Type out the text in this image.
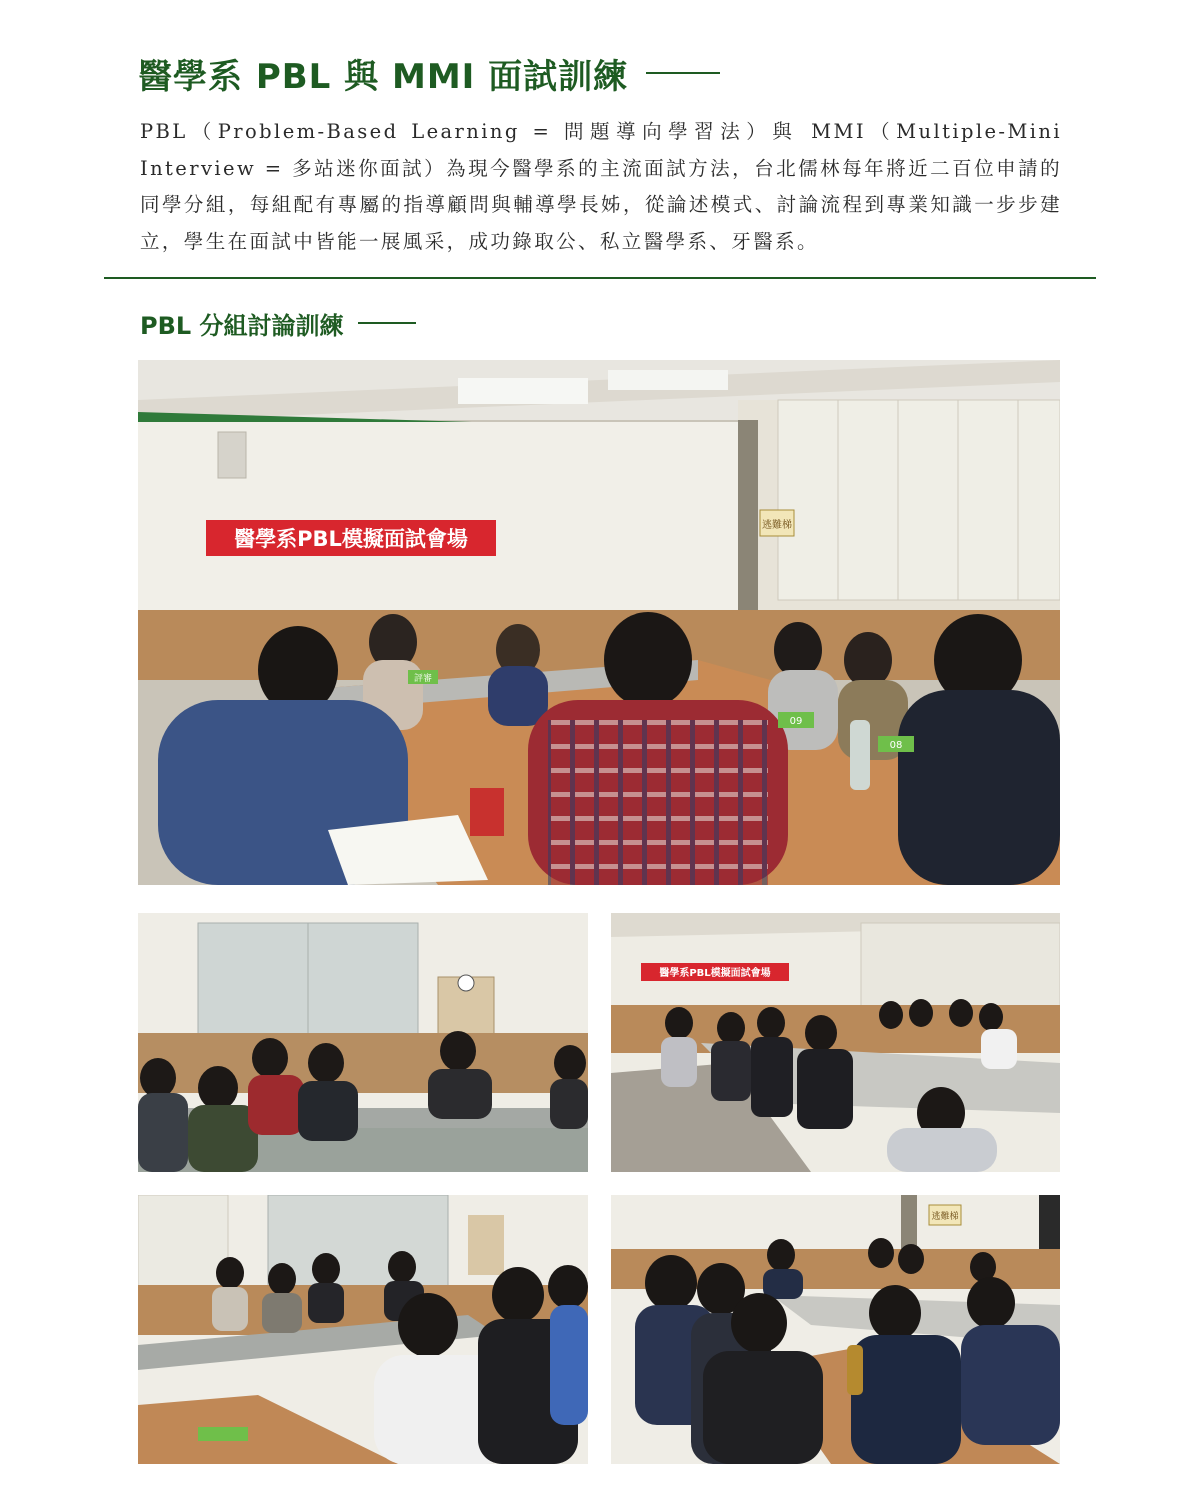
醫學系 PBL 與 MMI 面試訓練

PBL（Problem-Based Learning = 問題導向學習法）與 MMI（Multiple-Mini Interview = 多站迷你面試）為現今醫學系的主流面試方法，台北儒林每年將近二百位申請的同學分組，每組配有專屬的指導顧問與輔導學長姊，從論述模式、討論流程到專業知識一步步建立，學生在面試中皆能一展風采，成功錄取公、私立醫學系、牙醫系。

PBL 分組討論訓練
醫學系PBL模擬面試會場
逃難梯
評審
09
08
醫學系PBL模擬面試會場
逃難梯
